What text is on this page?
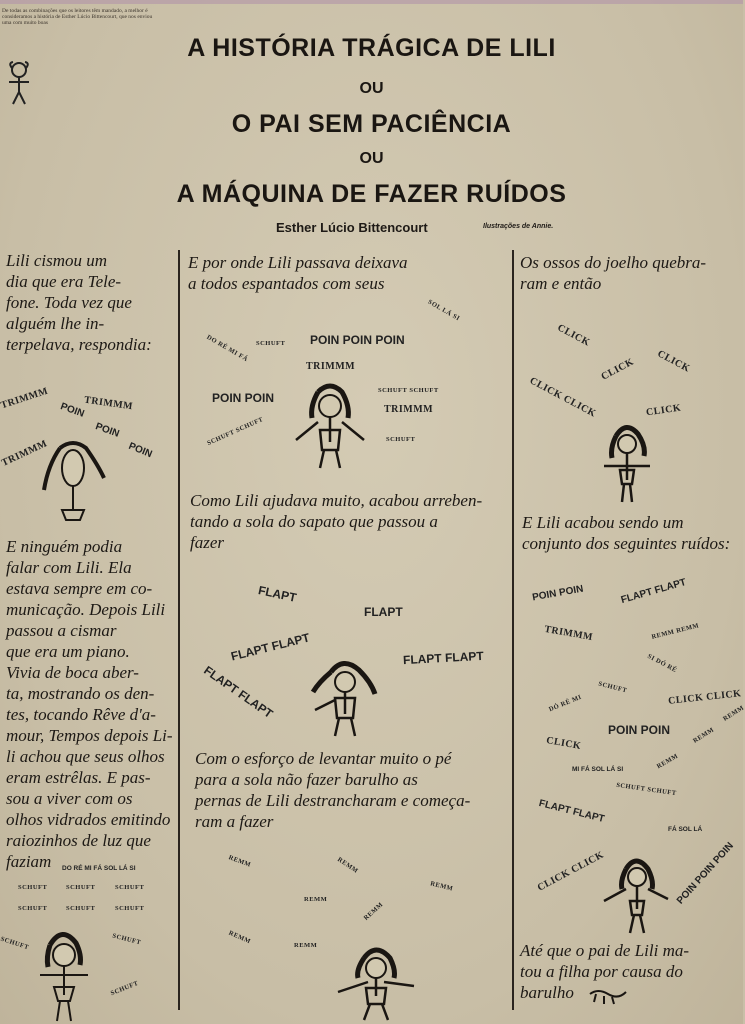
De todas as combinações que os leitores têm mandado, a melhor é consideramos a história de Esther Lúcio Bittencourt, que nos enviou uma com muito boas
A HISTÓRIA TRÁGICA DE LILI
OU
O PAI SEM PACIÊNCIA
OU
A MÁQUINA DE FAZER RUÍDOS
Esther Lúcio Bittencourt	Ilustrações de Annie.
Lili cismou um
dia que era Tele-
fone. Toda vez que
alguém lhe in-
terpelava, respondia:
TRIMMM	TRIMMM
POIN
POIN
POIN
TRIMMM
E ninguém podia
falar com Lili. Ela
estava sempre em co-
municação. Depois Lili
passou a cismar
que era um piano.
Vivia de boca aber-
ta, mostrando os den-
tes, tocando Rêve d'a-
mour, Tempos depois Li-
li achou que seus olhos
eram estrêlas. E pas-
sou a viver com os
olhos vidrados emitindo
raiozinhos de luz que
faziam	DO RÉ MI FÁ SOL LÁ SI
SCHUFT	SCHUFT	SCHUFT
SCHUFT	SCHUFT	SCHUFT
SCHUFT	SCHUFT
SCHUFT
E por onde Lili passava deixava
a todos espantados com seus
SOL LÁ SI
DO RÉ MI FÁ SCHUFT POIN POIN POIN
TRIMMM
POIN POIN
SCHUFT SCHUFT
TRIMMM
SCHUFT SCHUFT	SCHUFT
Como Lili ajudava muito, acabou arreben-
tando a sola do sapato que passou a
fazer
FLAPT
FLAPT
FLAPT FLAPT	FLAPT FLAPT
FLAPT FLAPT
Com o esforço de levantar muito o pé
para a sola não fazer barulho as
pernas de Lili destrancharam e começa-
ram a fazer
REMM	REMM
REMM
REMM
REMM
REMM
REMM
Os ossos do joelho quebra-
ram e então
CLICK
CLICK CLICK
CLICK CLICK	CLICK
E Lili acabou sendo um
conjunto dos seguintes ruídos:
POIN POIN	FLAPT FLAPT
TRIMMM	REMM REMM
SI DÓ RÉ
SCHUFT
DÓ RÉ MI	CLICK CLICK
REMM
POIN POIN	REMM
CLICK
REMM
MI FÁ SOL LÁ SI
SCHUFT SCHUFT
FLAPT FLAPT
FÁ SOL LÁ
CLICK CLICK	POIN POIN POIN
Até que o pai de Lili ma-
tou a filha por causa do
barulho
